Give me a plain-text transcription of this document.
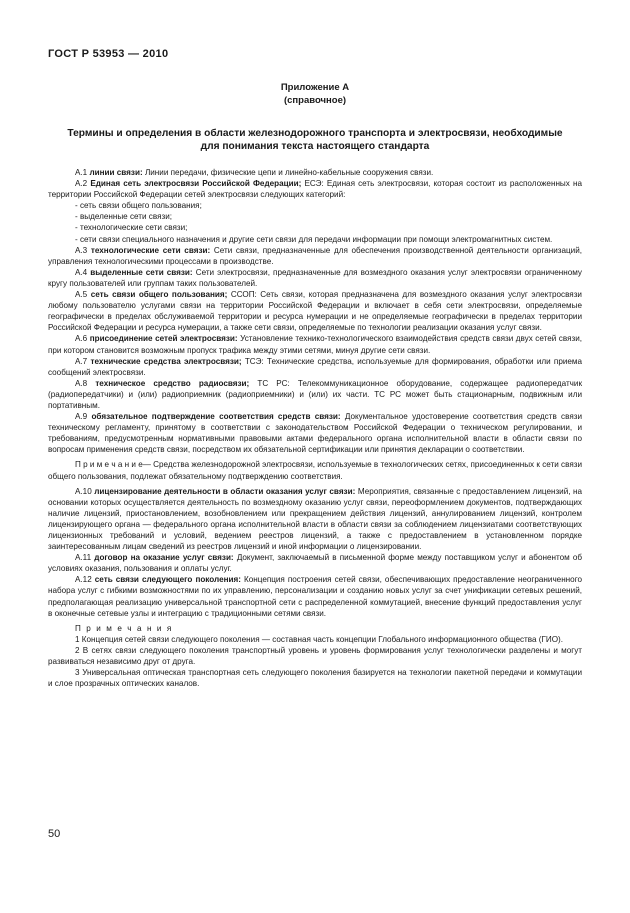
ГОСТ Р 53953 — 2010
Приложение А
(справочное)
Термины и определения в области железнодорожного транспорта и электросвязи, необходимые для понимания текста настоящего стандарта

А.1 линии связи: Линии передачи, физические цепи и линейно-кабельные сооружения связи.

А.2 Единая сеть электросвязи Российской Федерации; ЕСЭ: Единая сеть электросвязи, которая состоит из расположенных на территории Российской Федерации сетей электросвязи следующих категорий:

- сеть связи общего пользования;

- выделенные сети связи;

- технологические сети связи;

- сети связи специального назначения и другие сети связи для передачи информации при помощи электромагнитных систем.

А.3 технологические сети связи: Сети связи, предназначенные для обеспечения производственной деятельности организаций, управления технологическими процессами в производстве.

А.4 выделенные сети связи: Сети электросвязи, предназначенные для возмездного оказания услуг электросвязи ограниченному кругу пользователей или группам таких пользователей.

А.5 сеть связи общего пользования; ССОП: Сеть связи, которая предназначена для возмездного оказания услуг электросвязи любому пользователю услугами связи на территории Российской Федерации и включает в себя сети электросвязи, определяемые географически в пределах обслуживаемой территории и ресурса нумерации и не определяемые географически в пределах территории Российской Федерации и ресурса нумерации, а также сети связи, определяемые по технологии реализации оказания услуг связи.

А.6 присоединение сетей электросвязи: Установление технико-технологического взаимодействия средств связи двух сетей связи, при котором становится возможным пропуск трафика между этими сетями, минуя другие сети связи.

А.7 технические средства электросвязи; ТСЭ: Технические средства, используемые для формирования, обработки или приема сообщений электросвязи.

А.8 техническое средство радиосвязи; ТС РС: Телекоммуникационное оборудование, содержащее радиопередатчик (радиопередатчики) и (или) радиоприемник (радиоприемники) и (или) их части. ТС РС может быть стационарным, подвижным или портативным.

А.9 обязательное подтверждение соответствия средств связи: Документальное удостоверение соответствия средств связи техническому регламенту, принятому в соответствии с законодательством Российской Федерации о техническом регулировании, и требованиям, предусмотренным нормативными правовыми актами федерального органа исполнительной власти в области связи по вопросам применения средств связи, посредством их обязательной сертификации или принятия декларации о соответствии.

П р и м е ч а н и е— Средства железнодорожной электросвязи, используемые в технологических сетях, присоединенных к сети связи общего пользования, подлежат обязательному подтверждению соответствия.

А.10 лицензирование деятельности в области оказания услуг связи: Мероприятия, связанные с предоставлением лицензий, на основании которых осуществляется деятельность по возмездному оказанию услуг связи, переоформлением документов, подтверждающих наличие лицензий, приостановлением, возобновлением или прекращением действия лицензий, аннулированием лицензий, контролем лицензирующего органа — федерального органа исполнительной власти в области связи за соблюдением лицензиатами соответствующих лицензионных требований и условий, ведением реестров лицензий, а также с предоставлением в установленном порядке заинтересованным лицам сведений из реестров лицензий и иной информации о лицензировании.

А.11 договор на оказание услуг связи: Документ, заключаемый в письменной форме между поставщиком услуг и абонентом об условиях оказания, пользования и оплаты услуг.

А.12 сеть связи следующего поколения: Концепция построения сетей связи, обеспечивающих предоставление неограниченного набора услуг с гибкими возможностями по их управлению, персонализации и созданию новых услуг за счет унификации сетевых решений, предполагающая реализацию универсальной транспортной сети с распределенной коммутацией, внесение функций предоставления услуг в оконечные сетевые узлы и интеграцию с традиционными сетями связи.

П р и м е ч а н и я

1 Концепция сетей связи следующего поколения — составная часть концепции Глобального информационного общества (ГИО).

2 В сетях связи следующего поколения транспортный уровень и уровень формирования услуг технологически разделены и могут развиваться независимо друг от друга.

3 Универсальная оптическая транспортная сеть следующего поколения базируется на технологии пакетной передачи и коммутации и слое прозрачных оптических каналов.

50
